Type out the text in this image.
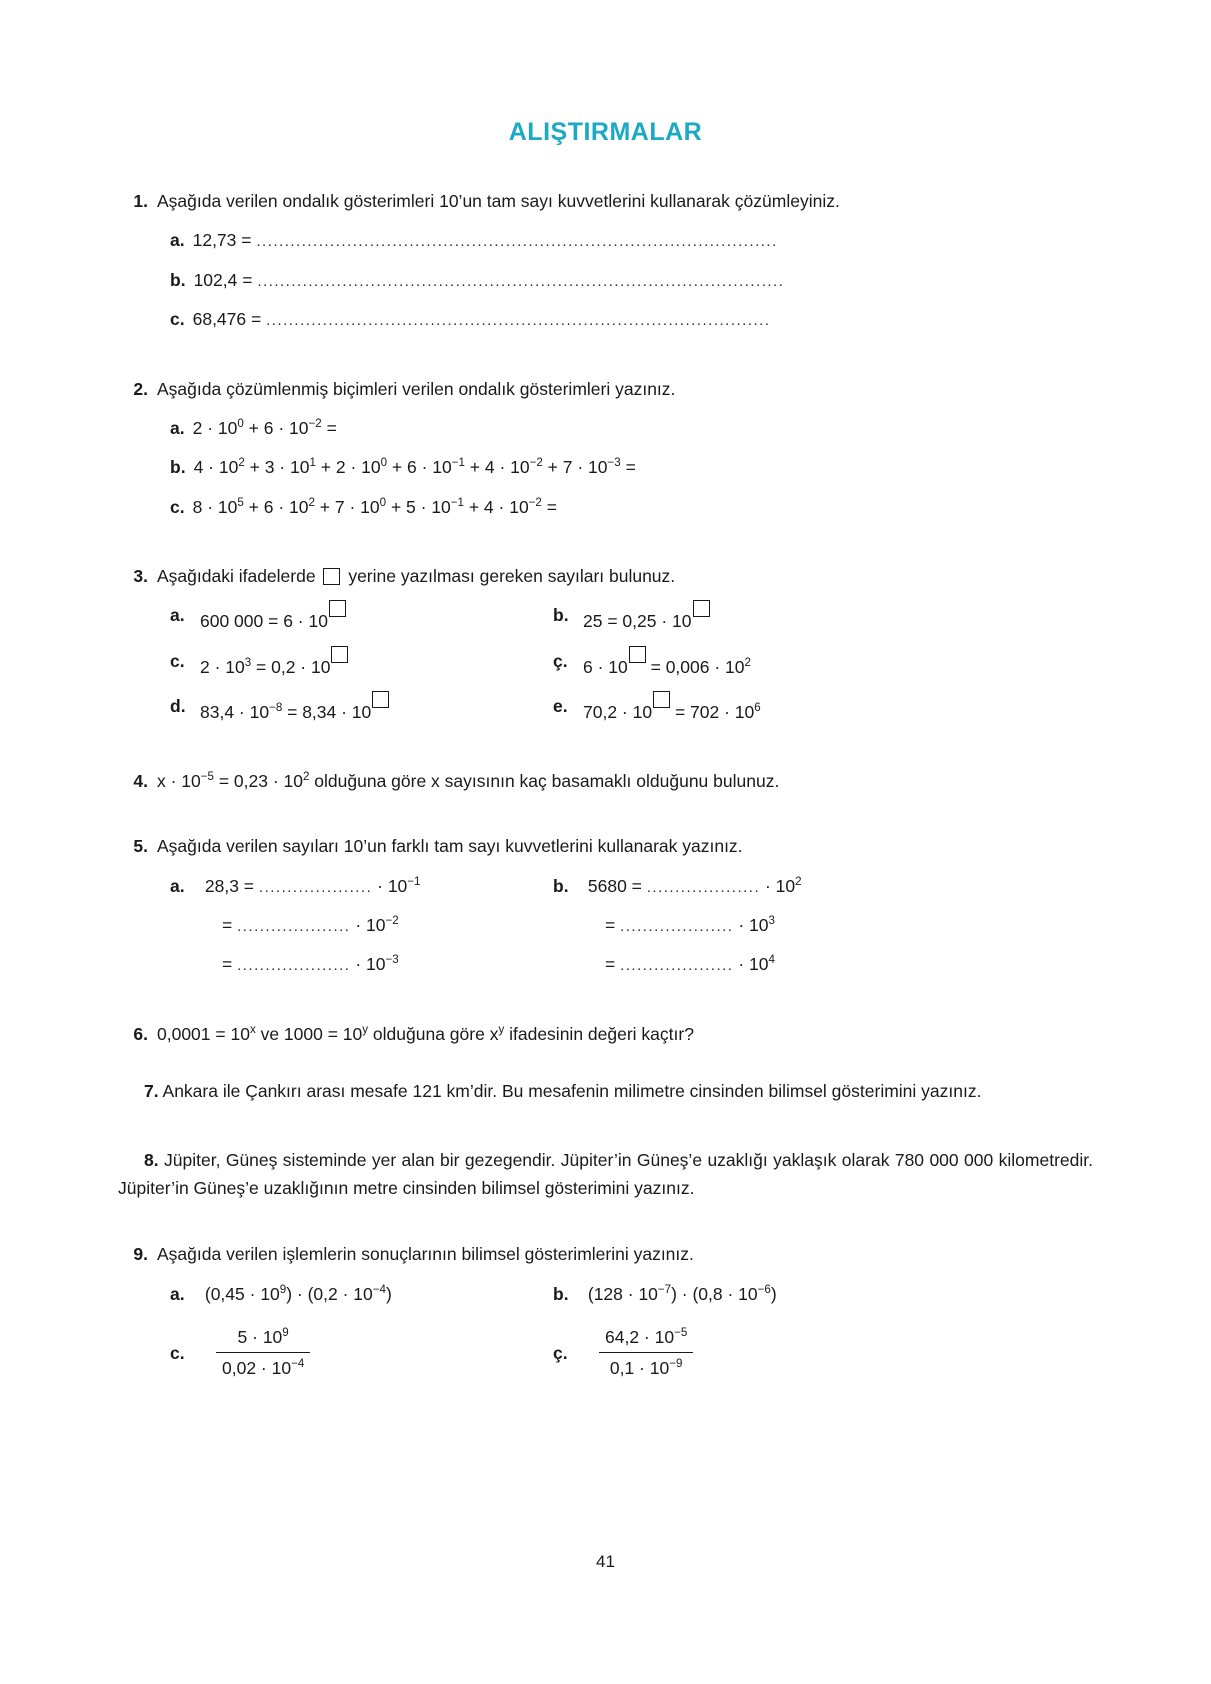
ALIŞTIRMALAR
1. Aşağıda verilen ondalık gösterimleri 10’un tam sayı kuvvetlerini kullanarak çözümleyiniz.
a. 12,73 = ............................................................................................
b. 102,4 = .............................................................................................
c. 68,476 = .........................................................................................
2. Aşağıda çözümlenmiş biçimleri verilen ondalık gösterimleri yazınız.
a. $2 \cdot 10^0 + 6 \cdot 10^{-2}$ =
b. $4 \cdot 10^2 + 3 \cdot 10^1 + 2 \cdot 10^0 + 6 \cdot 10^{-1} + 4 \cdot 10^{-2} + 7 \cdot 10^{-3}$ =
c. $8 \cdot 10^5 + 6 \cdot 10^2 + 7 \cdot 10^0 + 5 \cdot 10^{-1} + 4 \cdot 10^{-2}$ =
3. Aşağıdaki ifadelerde yerine yazılması gereken sayıları bulunuz.
a. 600 000 = 6 · 10	b. 25 = 0,25 · 10
c. $2 \cdot 10^3 = 0,2 \cdot 10$	ç. $6 \cdot 10 = 0,006 \cdot 10^2$
d. $83,4 \cdot 10^{-8} = 8,34 \cdot 10$	e. $70,2 \cdot 10 = 702 \cdot 10^6$
4. $x \cdot 10^{-5} = 0,23 \cdot 10^2$ olduğuna göre x sayısının kaç basamaklı olduğunu bulunuz.
5. Aşağıda verilen sayıları 10’un farklı tam sayı kuvvetlerini kullanarak yazınız.
a.	28,3 = .................... · $10^{-1}$	b.	5680 = .................... · $10^2$
= .................... · $10^{-2}$	= .................... · $10^3$
= .................... · $10^{-3}$	= .................... · $10^4$
6. $0,0001 = 10^x$ ve $1000 = 10^y$ olduğuna göre $x^y$ ifadesinin değeri kaçtır?
7. Ankara ile Çankırı arası mesafe 121 km’dir. Bu mesafenin milimetre cinsinden bilimsel gösterimini yazınız.
8. Jüpiter, Güneş sisteminde yer alan bir gezegendir. Jüpiter’in Güneş’e uzaklığı yaklaşık olarak 780 000 000 kilometredir. Jüpiter’in Güneş’e uzaklığının metre cinsinden bilimsel gösterimini yazınız.
9. Aşağıda verilen işlemlerin sonuçlarının bilimsel gösterimlerini yazınız.
a.	$(0,45 \cdot 10^9) \cdot (0,2 \cdot 10^{-4})$	b.	$(128 \cdot 10^{-7}) \cdot (0,8 \cdot 10^{-6})$
c.	$\frac{5 \cdot 10^9}{0,02 \cdot 10^{-4}}$	ç.	$\frac{64,2 \cdot 10^{-5}}{0,1 \cdot 10^{-9}}$
41
